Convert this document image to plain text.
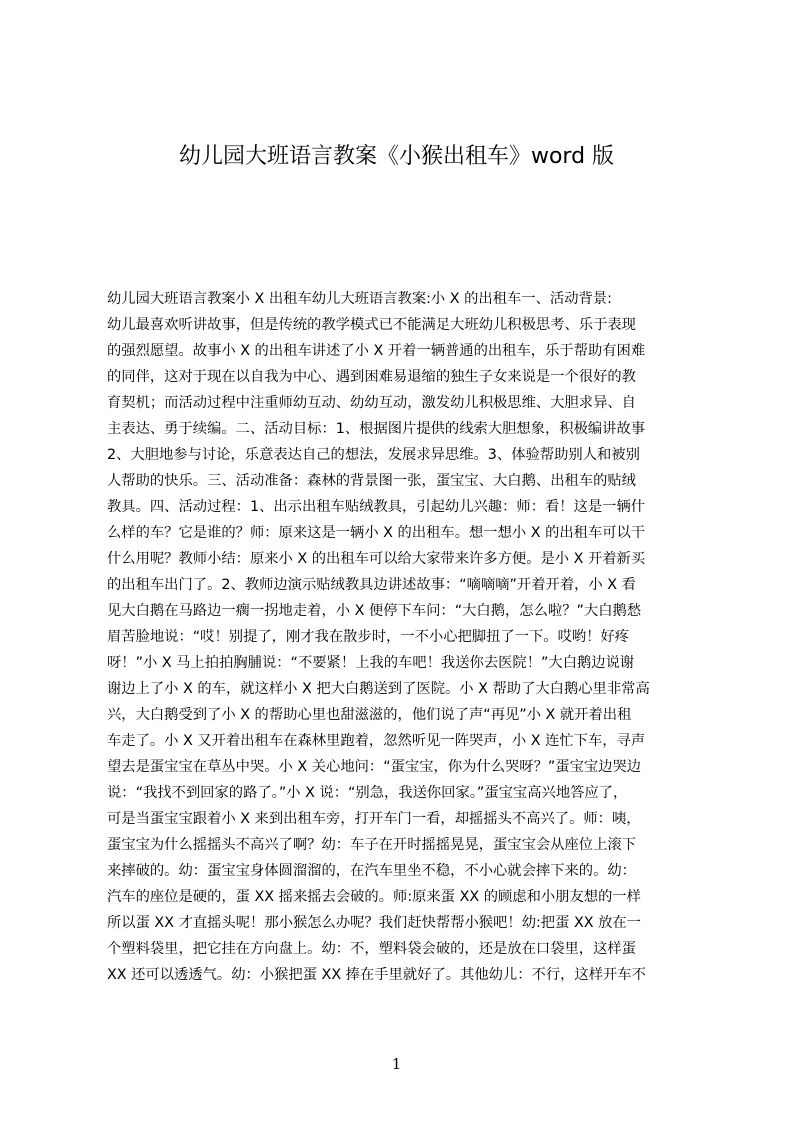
幼儿园大班语言教案《小猴出租车》word 版
幼儿园大班语言教案小 X 出租车幼儿大班语言教案:小 X 的出租车一、活动背景:
幼儿最喜欢听讲故事，但是传统的教学模式已不能满足大班幼儿积极思考、乐于表现
的强烈愿望。故事小 X 的出租车讲述了小 X 开着一辆普通的出租车，乐于帮助有困难
的同伴，这对于现在以自我为中心、遇到困难易退缩的独生子女来说是一个很好的教
育契机；而活动过程中注重师幼互动、幼幼互动，激发幼儿积极思维、大胆求异、自
主表达、勇于续编。二、活动目标：1、根据图片提供的线索大胆想象，积极编讲故事
2、大胆地参与讨论，乐意表达自己的想法，发展求异思维。3、体验帮助别人和被别
人帮助的快乐。三、活动准备：森林的背景图一张，蛋宝宝、大白鹅、出租车的贴绒
教具。四、活动过程：1、出示出租车贴绒教具，引起幼儿兴趣：师：看！这是一辆什
么样的车？它是谁的？师：原来这是一辆小 X 的出租车。想一想小 X 的出租车可以干
什么用呢？教师小结：原来小 X 的出租车可以给大家带来许多方便。是小 X 开着新买
的出租车出门了。2、教师边演示贴绒教具边讲述故事：“嘀嘀嘀”开着开着，小 X 看
见大白鹅在马路边一瘸一拐地走着，小 X 便停下车问：“大白鹅，怎么啦？”大白鹅愁
眉苦脸地说：“哎！别提了，刚才我在散步时，一不小心把脚扭了一下。哎哟！好疼
呀！”小 X 马上拍拍胸脯说：“不要紧！上我的车吧！我送你去医院！”大白鹅边说谢
谢边上了小 X 的车，就这样小 X 把大白鹅送到了医院。小 X 帮助了大白鹅心里非常高
兴，大白鹅受到了小 X 的帮助心里也甜滋滋的，他们说了声“再见”小 X 就开着出租
车走了。小 X 又开着出租车在森林里跑着，忽然听见一阵哭声，小 X 连忙下车，寻声
望去是蛋宝宝在草丛中哭。小 X 关心地问：“蛋宝宝，你为什么哭呀？”蛋宝宝边哭边
说：“我找不到回家的路了。”小 X 说：“别急，我送你回家。”蛋宝宝高兴地答应了，
可是当蛋宝宝跟着小 X 来到出租车旁，打开车门一看，却摇摇头不高兴了。师：咦，
蛋宝宝为什么摇摇头不高兴了啊？幼：车子在开时摇摇晃晃，蛋宝宝会从座位上滚下
来摔破的。幼：蛋宝宝身体圆溜溜的，在汽车里坐不稳，不小心就会摔下来的。幼：
汽车的座位是硬的，蛋 XX 摇来摇去会破的。师:原来蛋 XX 的顾虑和小朋友想的一样
所以蛋 XX 才直摇头呢！那小猴怎么办呢？我们赶快帮帮小猴吧！幼:把蛋 XX 放在一
个塑料袋里，把它挂在方向盘上。幼：不，塑料袋会破的，还是放在口袋里，这样蛋
XX 还可以透透气。幼：小猴把蛋 XX 捧在手里就好了。其他幼儿：不行，这样开车不
1
